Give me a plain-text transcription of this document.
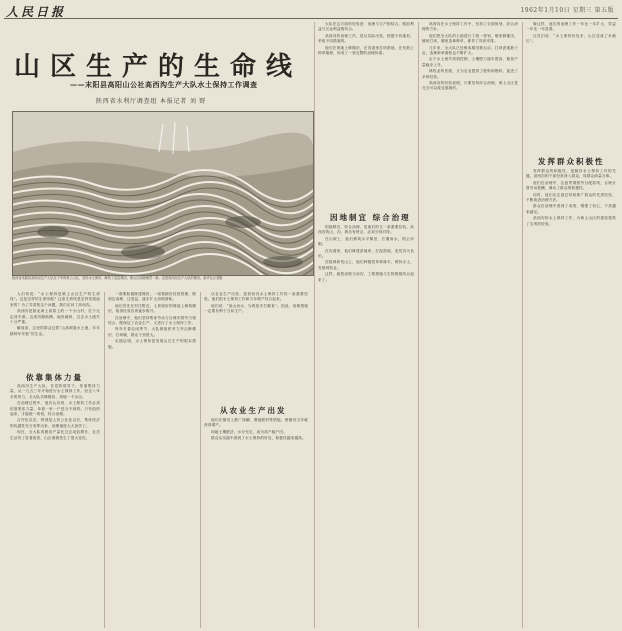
人民日报	1962年1月10日 星期三 第五版
山区生产的生命线
——末阳县高阳山公社高西沟生产大队水土保持工作调查
陕西省水利厅调查组 本报记者 刘 野
陕西省米脂县高西沟生产大队在干旱的黄土山区，坚持水土保持，修筑了层层梯田，使山区面貌焕然一新。这是高西沟生产大队的梯田。新华社记者摄

人们常说：“水土保持是黄土山区生产的生命线”。这是怎样的生命线呢？这条生命线是怎样发展起来的？为了弄清楚这个问题，我们访问了高西沟。

高西沟是陕北黄土高原上的一个小山村，位于无定河中游。这里沟壑纵横，地形破碎，过去水土流失十分严重。

解放前，这里的群众过着“山高坡陡水土流，年年耕种年年愁”的生活。

依靠集体力量

高西沟生产大队，在党的领导下，依靠集体力量，从一九五三年开始进行水土保持工作。经过八年多的努力，全大队共修梯田、坝地一千余亩。

在治理过程中，他们认识到，水土保持工作必须依靠集体力量，单靠一家一户是办不到的。只有组织起来，才能统一规划，综合治理。

合作化以后，特别是人民公社化以后，集体经济的优越性充分发挥出来，治理速度大大加快了。

现在，全大队的粮食产量比过去成倍增长，社员生活有了显著改善，山区面貌发生了很大变化。

一面要积极修建梯田，一面要搞好经营管理，做到边治理、边受益，逐步扩大治理面积。

他们首先在村庄附近、土质较好的坡地上修筑梯田，取得经验后再逐步推开。

在治理中，他们坚持集体劳动与合理安排劳力相结合，既保证了农业生产，又进行了水土保持工作。

每年冬春农闲季节，大队都组织劳力突击修梯田、打坝堰，群众干劲很大。

实践证明，水土保持是发展山区生产的根本措施。

从农业生产出发，是高西沟水土保持工作的一条重要经验。他们把水土保持工作和当年增产结合起来。

他们说：“治山治水，为的是多打粮食”。因此，治理措施一定要有利于当前生产。

从农业生产出发

他们在梯田上推广深翻、增施肥料等措施，使梯田当年就获得增产。

坝地土壤肥沃，水分充足，成为高产稳产田。

群众从实践中看到了水土保持的好处，积极性越来越高。

大队在这方面的经验是：治理与生产相结合，眼前利益与长远利益相结合。

高西沟的治理工作，是从实际出发，根据不同地形，采取不同措施的。

他们在坡地上修梯田，在沟道里打坝淤地，在荒坡上种草植树，形成了一套完整的治理体系。

因地制宜 综合治理

因地制宜，综合治理，是他们的又一条重要经验。高西沟的山、沟、坡各有特点，必须分别对待。

在山坡上，他们修筑水平梯田，拦蓄雨水，防止冲刷。

在沟道里，他们修建淤地坝，拦泥淤地，变荒沟为良田。

在陡坡和荒山上，他们种植牧草和林木，保持水土，发展林牧业。

这样，就把治坡与治沟、工程措施与生物措施结合起来了。

高西沟在水土保持工作中，坚持了全面规划、综合治理的方针。

他们把全大队的土地进行了统一规划，哪里修梯田，哪里打坝，哪里造林种草，都作了具体安排。

几年来，全大队已经修成梯田数百亩，打坝淤地数十亩，造林种草面积也不断扩大。

由于水土流失得到控制，土壤肥力逐年提高，粮食产量稳步上升。

林牧业的发展，又为农业提供了肥料和燃料，促进了多种经营。

高西沟的经验说明，只要坚持综合治理，黄土山区是完全可以改变面貌的。

像这样，他们的治理工作一年比一年扩大，效益一年比一年显著。

社员们说：“水土保持好处多，山区变成了米粮川”。

发挥群众积极性

发挥群众的积极性，是搞好水土保持工作的关键。高西沟的干部经常深入群众，同群众商量办事。

他们在治理中，注意贯彻按劳分配原则，合理计算劳动报酬，调动了群众的积极性。

同时，他们还注意总结和推广群众的先进经验，不断改进治理方法。

群众在治理中看到了成绩，增强了信心，干劲越来越足。

高西沟的水土保持工作，为黄土山区的建设提供了宝贵的经验。
